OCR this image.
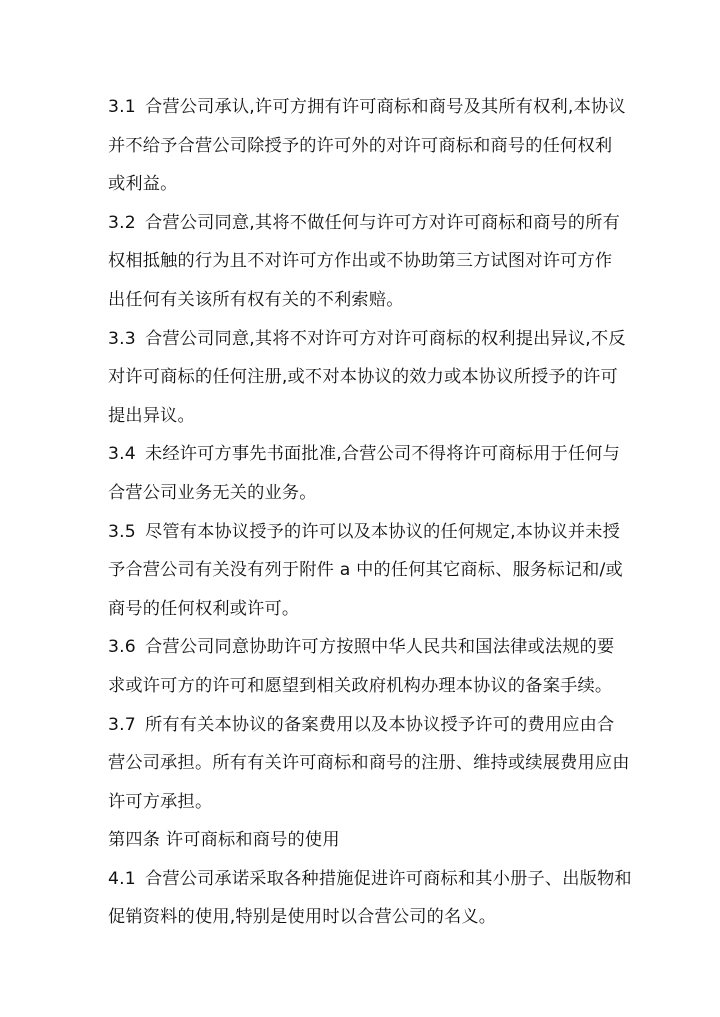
3.1 合营公司承认,许可方拥有许可商标和商号及其所有权利,本协议
并不给予合营公司除授予的许可外的对许可商标和商号的任何权利
或利益。
3.2 合营公司同意,其将不做任何与许可方对许可商标和商号的所有
权相抵触的行为且不对许可方作出或不协助第三方试图对许可方作
出任何有关该所有权有关的不利索赔。
3.3 合营公司同意,其将不对许可方对许可商标的权利提出异议,不反
对许可商标的任何注册,或不对本协议的效力或本协议所授予的许可
提出异议。
3.4 未经许可方事先书面批准,合营公司不得将许可商标用于任何与
合营公司业务无关的业务。
3.5 尽管有本协议授予的许可以及本协议的任何规定,本协议并未授
予合营公司有关没有列于附件 a 中的任何其它商标、服务标记和/或
商号的任何权利或许可。
3.6 合营公司同意协助许可方按照中华人民共和国法律或法规的要
求或许可方的许可和愿望到相关政府机构办理本协议的备案手续。
3.7 所有有关本协议的备案费用以及本协议授予许可的费用应由合
营公司承担。所有有关许可商标和商号的注册、维持或续展费用应由
许可方承担。
第四条 许可商标和商号的使用
4.1 合营公司承诺采取各种措施促进许可商标和其小册子、出版物和
促销资料的使用,特别是使用时以合营公司的名义。
